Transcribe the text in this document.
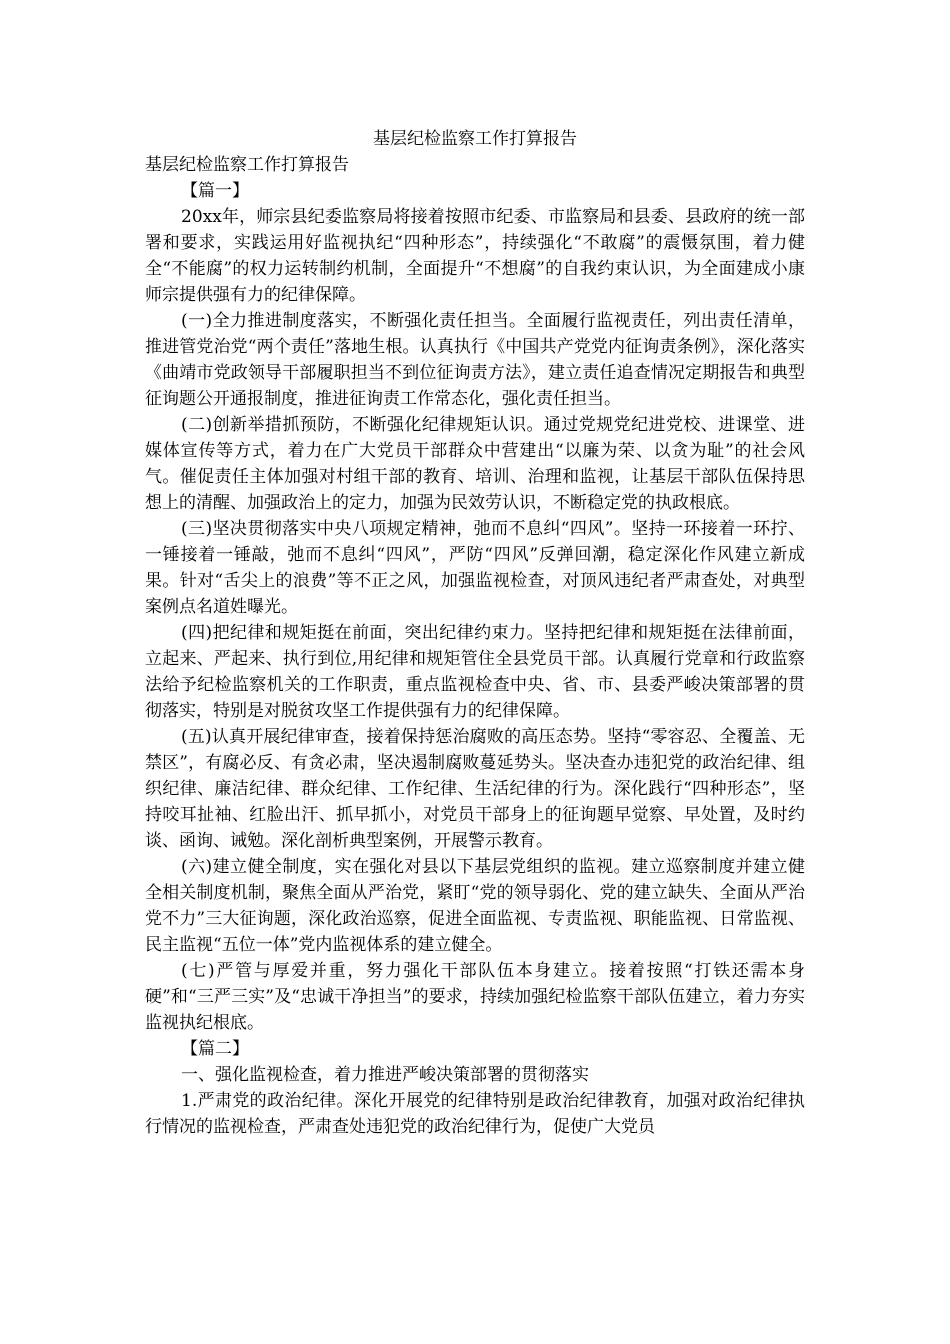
基层纪检监察工作打算报告

基层纪检监察工作打算报告

【篇一】

20xx年，师宗县纪委监察局将接着按照市纪委、市监察局和县委、县政府的统一部署和要求，实践运用好监视执纪“四种形态”，持续强化“不敢腐”的震慑氛围，着力健全“不能腐”的权力运转制约机制，全面提升“不想腐”的自我约束认识，为全面建成小康师宗提供强有力的纪律保障。

(一)全力推进制度落实，不断强化责任担当。全面履行监视责任，列出责任清单，推进管党治党“两个责任”落地生根。认真执行《中国共产党党内征询责条例》，深化落实《曲靖市党政领导干部履职担当不到位征询责方法》，建立责任追查情况定期报告和典型征询题公开通报制度，推进征询责工作常态化，强化责任担当。

(二)创新举措抓预防，不断强化纪律规矩认识。通过党规党纪进党校、进课堂、进媒体宣传等方式，着力在广大党员干部群众中营建出“以廉为荣、以贪为耻”的社会风气。催促责任主体加强对村组干部的教育、培训、治理和监视，让基层干部队伍保持思想上的清醒、加强政治上的定力，加强为民效劳认识，不断稳定党的执政根底。

(三)坚决贯彻落实中央八项规定精神，弛而不息纠“四风”。坚持一环接着一环拧、一锤接着一锤敲，弛而不息纠“四风”，严防“四风”反弹回潮，稳定深化作风建立新成果。针对“舌尖上的浪费”等不正之风，加强监视检查，对顶风违纪者严肃查处，对典型案例点名道姓曝光。

(四)把纪律和规矩挺在前面，突出纪律约束力。坚持把纪律和规矩挺在法律前面，立起来、严起来、执行到位,用纪律和规矩管住全县党员干部。认真履行党章和行政监察法给予纪检监察机关的工作职责，重点监视检查中央、省、市、县委严峻决策部署的贯彻落实，特别是对脱贫攻坚工作提供强有力的纪律保障。

(五)认真开展纪律审查，接着保持惩治腐败的高压态势。坚持“零容忍、全覆盖、无禁区”，有腐必反、有贪必肃，坚决遏制腐败蔓延势头。坚决查办违犯党的政治纪律、组织纪律、廉洁纪律、群众纪律、工作纪律、生活纪律的行为。深化践行“四种形态”，坚持咬耳扯袖、红脸出汗、抓早抓小，对党员干部身上的征询题早觉察、早处置，及时约谈、函询、诫勉。深化剖析典型案例，开展警示教育。

(六)建立健全制度，实在强化对县以下基层党组织的监视。建立巡察制度并建立健全相关制度机制，聚焦全面从严治党，紧盯“党的领导弱化、党的建立缺失、全面从严治党不力”三大征询题，深化政治巡察，促进全面监视、专责监视、职能监视、日常监视、民主监视“五位一体”党内监视体系的建立健全。

(七)严管与厚爱并重，努力强化干部队伍本身建立。接着按照“打铁还需本身硬”和“三严三实”及“忠诚干净担当”的要求，持续加强纪检监察干部队伍建立，着力夯实监视执纪根底。

【篇二】

一、强化监视检查，着力推进严峻决策部署的贯彻落实

1.严肃党的政治纪律。深化开展党的纪律特别是政治纪律教育，加强对政治纪律执行情况的监视检查，严肃查处违犯党的政治纪律行为，促使广大党员
